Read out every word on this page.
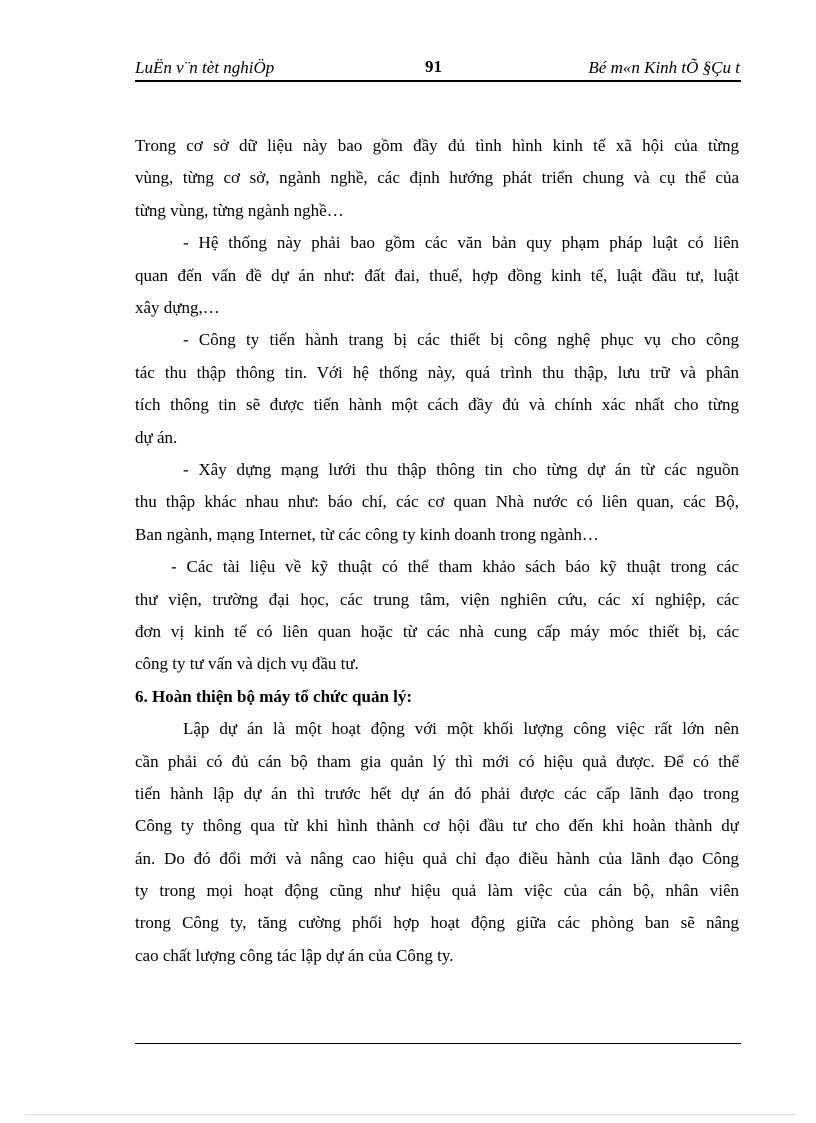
LuËn v¨n tèt nghiÖp	91	Bé m«n Kinh tÕ §Çu t
Trong cơ sở dữ liệu này bao gồm đầy đủ tình hình kinh tế xã hội của từng
vùng, từng cơ sở, ngành nghề, các định hướng phát triển chung và cụ thể của
từng vùng, từng ngành nghề…
- Hệ thống này phải bao gồm các văn bản quy phạm pháp luật có liên
quan đến vấn đề dự án như: đất đai, thuế, hợp đồng kinh tế, luật đầu tư, luật
xây dựng,…
- Công ty tiến hành trang bị các thiết bị công nghệ phục vụ cho công
tác thu thập thông tin. Với hệ thống này, quá trình thu thập, lưu trữ và phân
tích thông tin sẽ được tiến hành một cách đầy đủ và chính xác nhất cho từng
dự án.
- Xây dựng mạng lưới thu thập thông tin cho từng dự án từ các nguồn
thu thập khác nhau như: báo chí, các cơ quan Nhà nước có liên quan, các Bộ,
Ban ngành, mạng Internet, từ các công ty kinh doanh trong ngành…
- Các tài liệu về kỹ thuật có thể tham khảo sách báo kỹ thuật trong các
thư viện, trường đại học, các trung tâm, viện nghiên cứu, các xí nghiệp, các
đơn vị kinh tế có liên quan hoặc từ các nhà cung cấp máy móc thiết bị, các
công ty tư vấn và dịch vụ đầu tư.
6. Hoàn thiện bộ máy tổ chức quản lý:
Lập dự án là một hoạt động với một khối lượng công việc rất lớn nên
cần phải có đủ cán bộ tham gia quản lý thì mới có hiệu quả được. Để có thể
tiến hành lập dự án thì trước hết dự án đó phải được các cấp lãnh đạo trong
Công ty thông qua từ khi hình thành cơ hội đầu tư cho đến khi hoàn thành dự
án. Do đó đổi mới và nâng cao hiệu quả chỉ đạo điều hành của lãnh đạo Công
ty trong mọi hoạt động cũng như hiệu quả làm việc của cán bộ, nhân viên
trong Công ty, tăng cường phối hợp hoạt động giữa các phòng ban sẽ nâng
cao chất lượng công tác lập dự án của Công ty.
